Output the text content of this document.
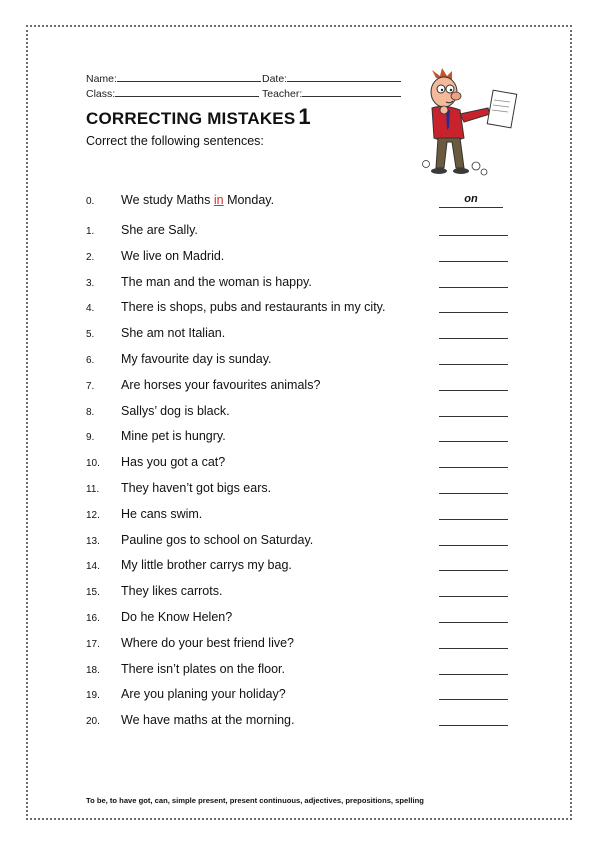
Name:	Date:
Class:	Teacher:
CORRECTING MISTAKES 1
Correct the following sentences:
0. We study Maths in Monday.	on
1. She are Sally.
2. We live on Madrid.
3. The man and the woman is happy.
4. There is shops, pubs and restaurants in my city.
5. She am not Italian.
6. My favourite day is sunday.
7. Are horses your favourites animals?
8. Sallys’ dog is black.
9. Mine pet is hungry.
10. Has you got a cat?
11. They haven’t got bigs ears.
12. He cans swim.
13. Pauline gos to school on Saturday.
14. My little brother carrys my bag.
15. They likes carrots.
16. Do he Know Helen?
17. Where do your best friend live?
18. There isn’t plates on the floor.
19. Are you planing your holiday?
20. We have maths at the morning.
To be, to have got, can, simple present, present continuous, adjectives, prepositions, spelling
